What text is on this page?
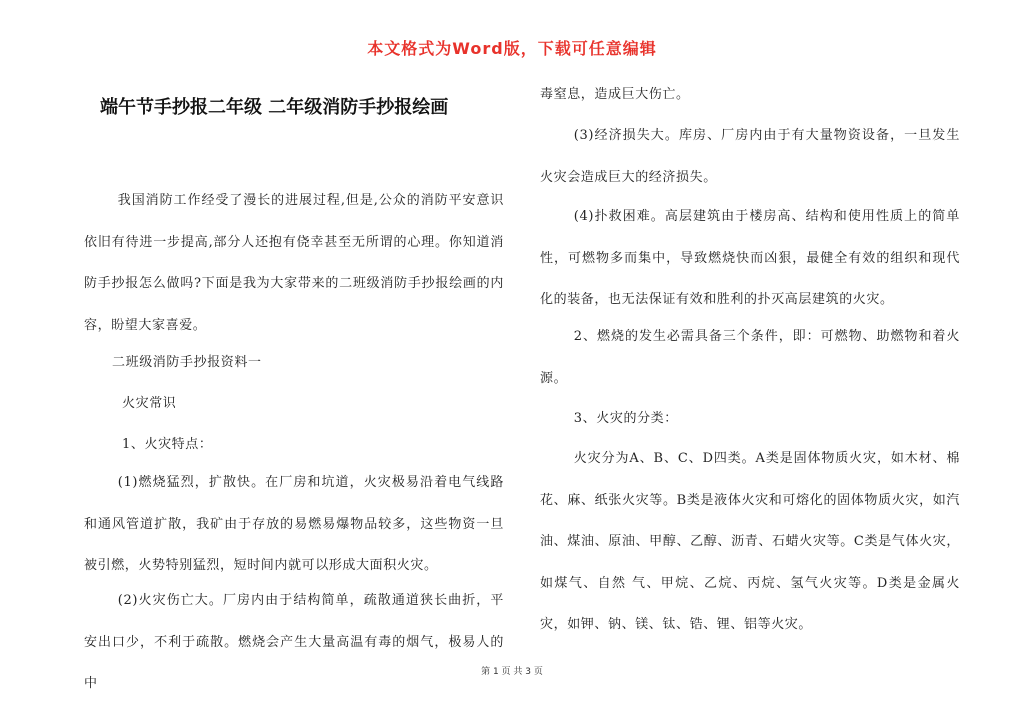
本文格式为Word版，下载可任意编辑
端午节手抄报二年级 二年级消防手抄报绘画
我国消防工作经受了漫长的进展过程,但是,公众的消防平安意识依旧有待进一步提高,部分人还抱有侥幸甚至无所谓的心理。你知道消防手抄报怎么做吗?下面是我为大家带来的二班级消防手抄报绘画的内容，盼望大家喜爱。
二班级消防手抄报资料一
火灾常识
1、火灾特点：
(1)燃烧猛烈，扩散快。在厂房和坑道，火灾极易沿着电气线路和通风管道扩散，我矿由于存放的易燃易爆物品较多，这些物资一旦被引燃，火势特别猛烈，短时间内就可以形成大面积火灾。
(2)火灾伤亡大。厂房内由于结构简单，疏散通道狭长曲折，平安出口少，不利于疏散。燃烧会产生大量高温有毒的烟气，极易人的中
毒窒息，造成巨大伤亡。
(3)经济损失大。库房、厂房内由于有大量物资设备，一旦发生火灾会造成巨大的经济损失。
(4)扑救困难。高层建筑由于楼房高、结构和使用性质上的简单性，可燃物多而集中，导致燃烧快而凶狠，最健全有效的组织和现代化的装备，也无法保证有效和胜利的扑灭高层建筑的火灾。
2、燃烧的发生必需具备三个条件，即：可燃物、助燃物和着火源。
3、火灾的分类：
火灾分为A、B、C、D四类。A类是固体物质火灾，如木材、棉花、麻、纸张火灾等。B类是液体火灾和可熔化的固体物质火灾，如汽油、煤油、原油、甲醇、乙醇、沥青、石蜡火灾等。C类是气体火灾，如煤气、自然 气、甲烷、乙烷、丙烷、氢气火灾等。D类是金属火灾，如钾、钠、镁、钛、锆、锂、铝等火灾。
第 1 页 共 3 页
